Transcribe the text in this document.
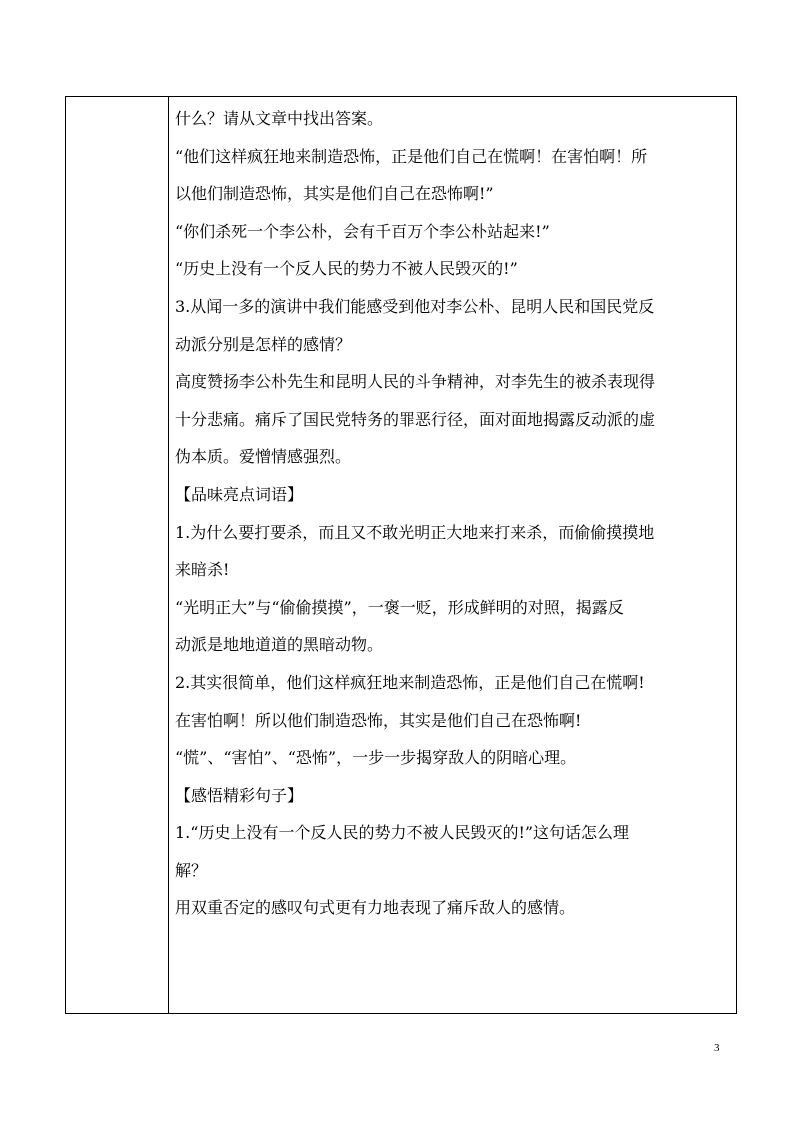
什么？请从文章中找出答案。
“他们这样疯狂地来制造恐怖，正是他们自己在慌啊！在害怕啊！所
以他们制造恐怖，其实是他们自己在恐怖啊!”
“你们杀死一个李公朴，会有千百万个李公朴站起来!”
“历史上没有一个反人民的势力不被人民毁灭的!”
3.从闻一多的演讲中我们能感受到他对李公朴、昆明人民和国民党反
动派分别是怎样的感情？
高度赞扬李公朴先生和昆明人民的斗争精神，对李先生的被杀表现得
十分悲痛。痛斥了国民党特务的罪恶行径，面对面地揭露反动派的虚
伪本质。爱憎情感强烈。
【品味亮点词语】
1.为什么要打要杀，而且又不敢光明正大地来打来杀，而偷偷摸摸地
来暗杀!
“光明正大”与“偷偷摸摸”，一褒一贬，形成鲜明的对照，揭露反
动派是地地道道的黑暗动物。
2.其实很简单，他们这样疯狂地来制造恐怖，正是他们自己在慌啊!
在害怕啊！所以他们制造恐怖，其实是他们自己在恐怖啊!
“慌”、“害怕”、“恐怖”，一步一步揭穿敌人的阴暗心理。
【感悟精彩句子】
1.“历史上没有一个反人民的势力不被人民毁灭的!”这句话怎么理
解？
用双重否定的感叹句式更有力地表现了痛斥敌人的感情。
3
